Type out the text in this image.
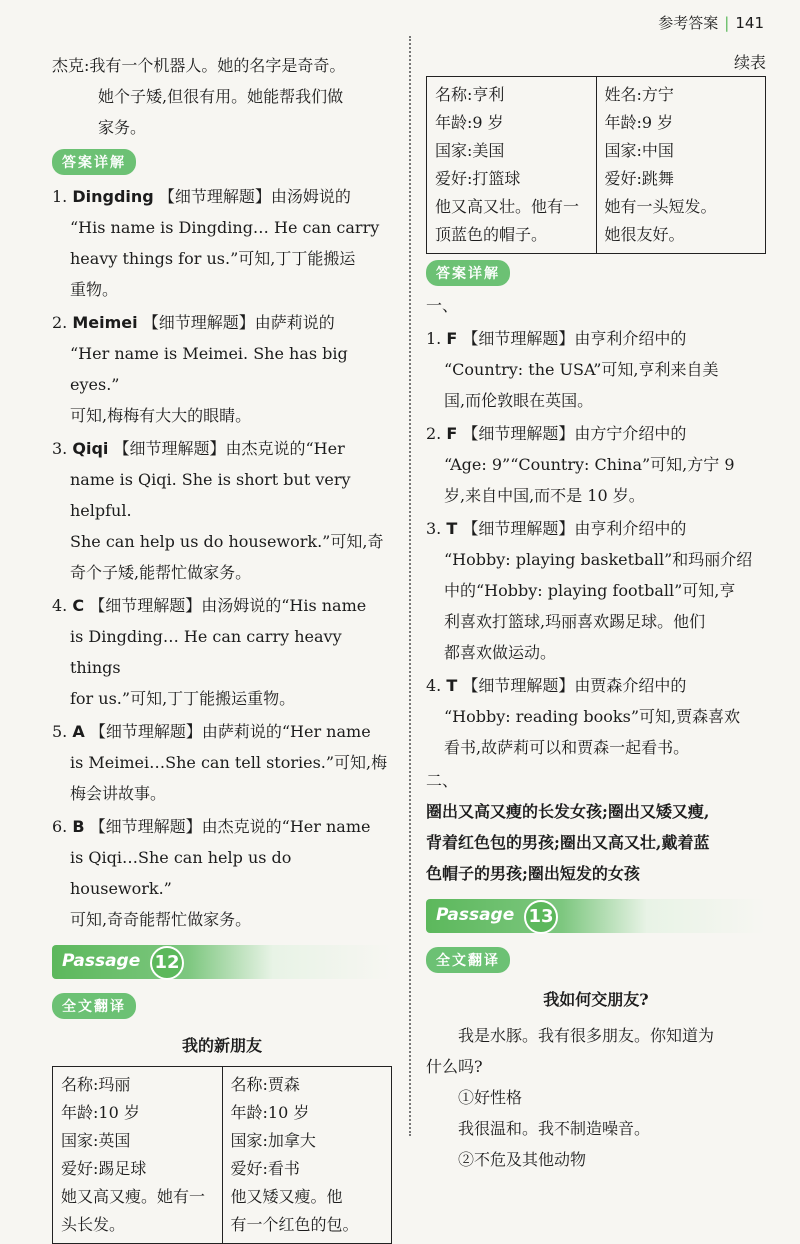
参考答案 | 141

杰克:我有一个机器人。她的名字是奇奇。

她个子矮,但很有用。她能帮我们做

家务。

答案详解
1. Dingding 【细节理解题】由汤姆说的
“His name is Dingding… He can carry
heavy things for us.”可知,丁丁能搬运
重物。
2. Meimei 【细节理解题】由萨莉说的
“Her name is Meimei. She has big eyes.”
可知,梅梅有大大的眼睛。
3. Qiqi 【细节理解题】由杰克说的“Her
name is Qiqi. She is short but very helpful.
She can help us do housework.”可知,奇
奇个子矮,能帮忙做家务。
4. C 【细节理解题】由汤姆说的“His name
is Dingding… He can carry heavy things
for us.”可知,丁丁能搬运重物。
5. A 【细节理解题】由萨莉说的“Her name
is Meimei…She can tell stories.”可知,梅
梅会讲故事。
6. B 【细节理解题】由杰克说的“Her name
is Qiqi…She can help us do housework.”
可知,奇奇能帮忙做家务。
Passage 12
全文翻译
我的新朋友
名称:玛丽
年龄:10 岁
国家:英国
爱好:踢足球
她又高又瘦。她有一
头长发。

名称:贾森
年龄:10 岁
国家:加拿大
爱好:看书
他又矮又瘦。他
有一个红色的包。
续表
名称:亨利
年龄:9 岁
国家:美国
爱好:打篮球
他又高又壮。他有一
顶蓝色的帽子。

姓名:方宁
年龄:9 岁
国家:中国
爱好:跳舞
她有一头短发。
她很友好。
答案详解

一、

1. F 【细节理解题】由亨利介绍中的
“Country: the USA”可知,亨利来自美
国,而伦敦眼在英国。
2. F 【细节理解题】由方宁介绍中的
“Age: 9”“Country: China”可知,方宁 9
岁,来自中国,而不是 10 岁。
3. T 【细节理解题】由亨利介绍中的
“Hobby: playing basketball”和玛丽介绍
中的“Hobby: playing football”可知,亨
利喜欢打篮球,玛丽喜欢踢足球。他们
都喜欢做运动。
4. T 【细节理解题】由贾森介绍中的
“Hobby: reading books”可知,贾森喜欢
看书,故萨莉可以和贾森一起看书。

二、

圈出又高又瘦的长发女孩;圈出又矮又瘦,
背着红色包的男孩;圈出又高又壮,戴着蓝
色帽子的男孩;圈出短发的女孩
Passage 13
全文翻译
我如何交朋友?

我是水豚。我有很多朋友。你知道为

什么吗?

①好性格

我很温和。我不制造噪音。

②不危及其他动物
